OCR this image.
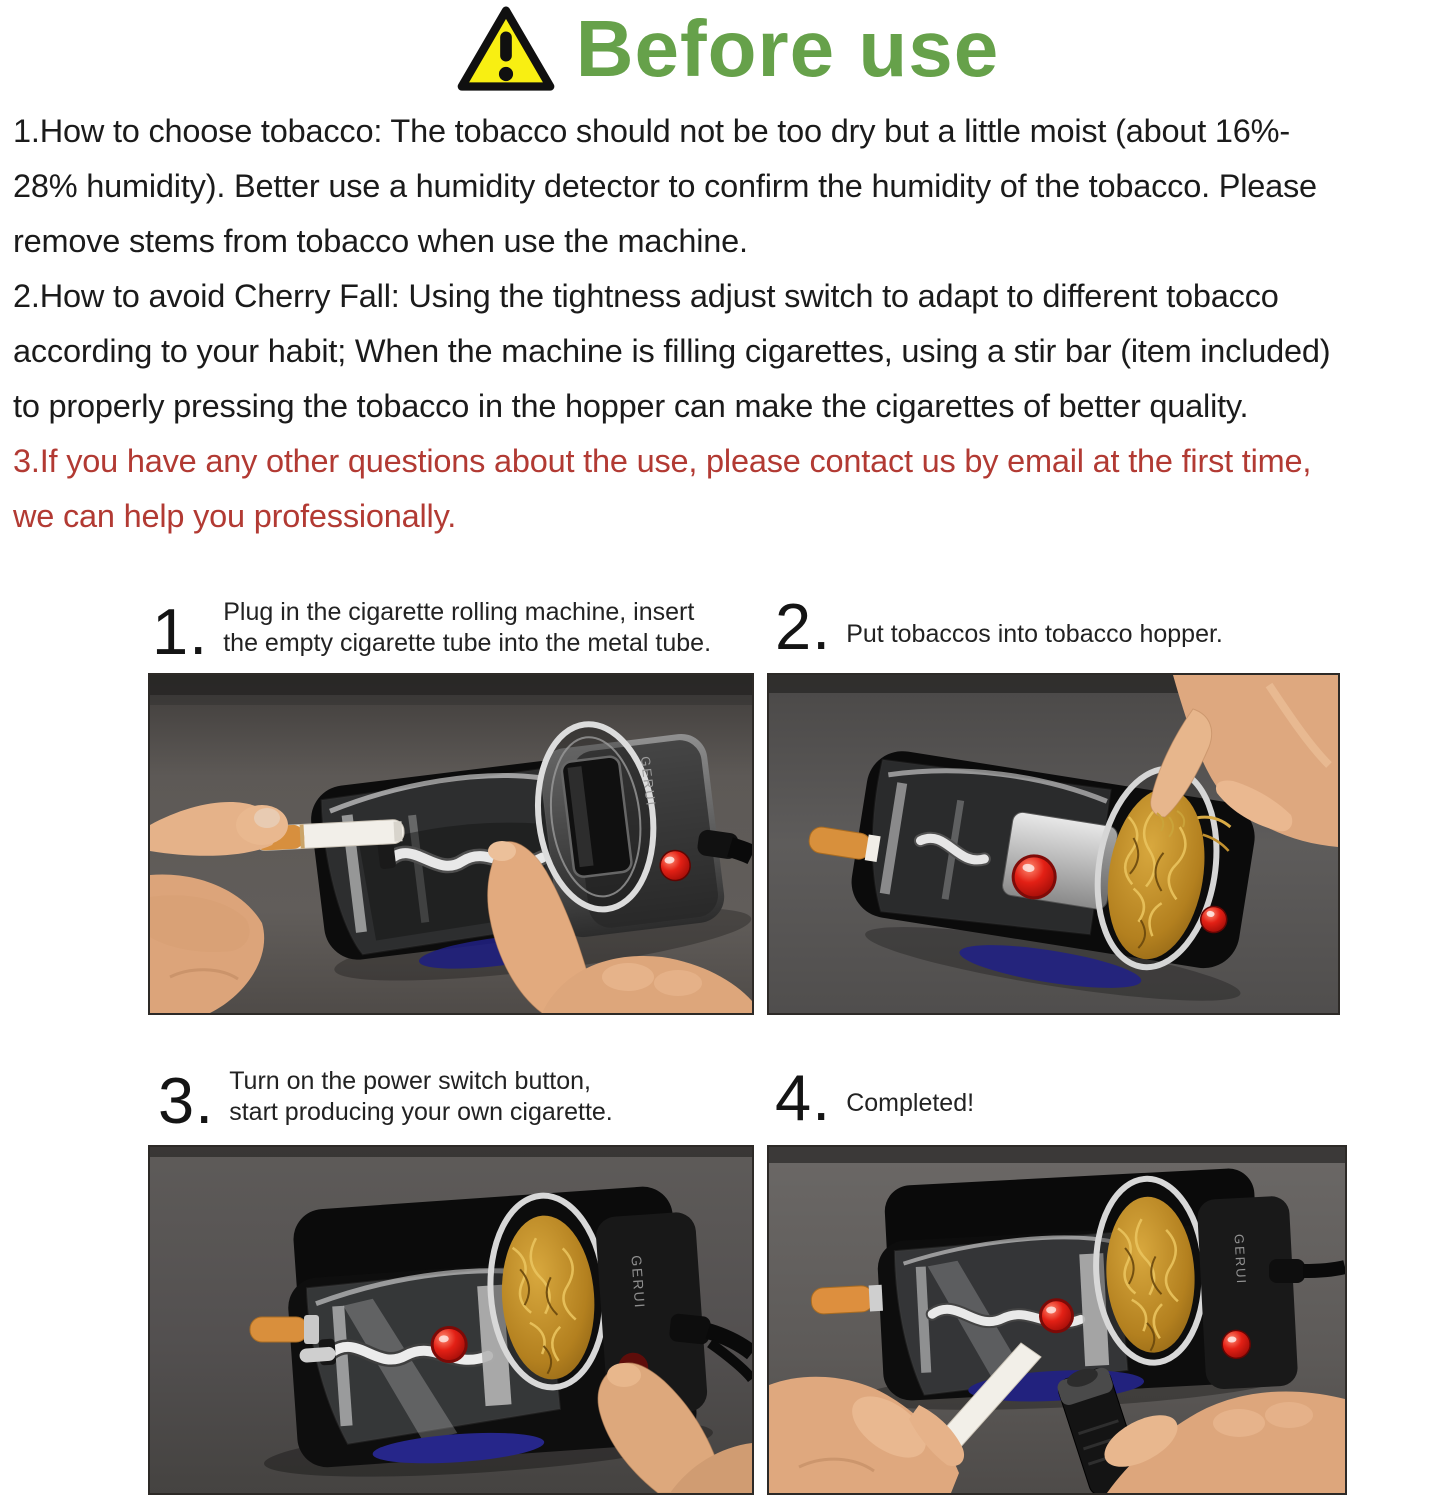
Before use
1.How to choose tobacco: The tobacco should not be too dry but a little moist (about 16%-
28% humidity). Better use a humidity detector to confirm the humidity of the tobacco. Please
remove stems from tobacco when use the machine.
2.How to avoid Cherry Fall: Using the tightness adjust switch to adapt to different tobacco
according to your habit; When the machine is filling cigarettes, using a stir bar (item included)
to properly pressing the tobacco in the hopper can make the cigarettes of better quality.
3.If you have any other questions about the use, please contact us by email at the first time,
we can help you professionally.
1. Plug in the cigarette rolling machine, insert
the empty cigarette tube into the metal tube. 2. Put tobaccos into tobacco hopper.
3. Turn on the power switch button,
start producing your own cigarette. 4. Completed!
GERUI
GERUI	GERUI
